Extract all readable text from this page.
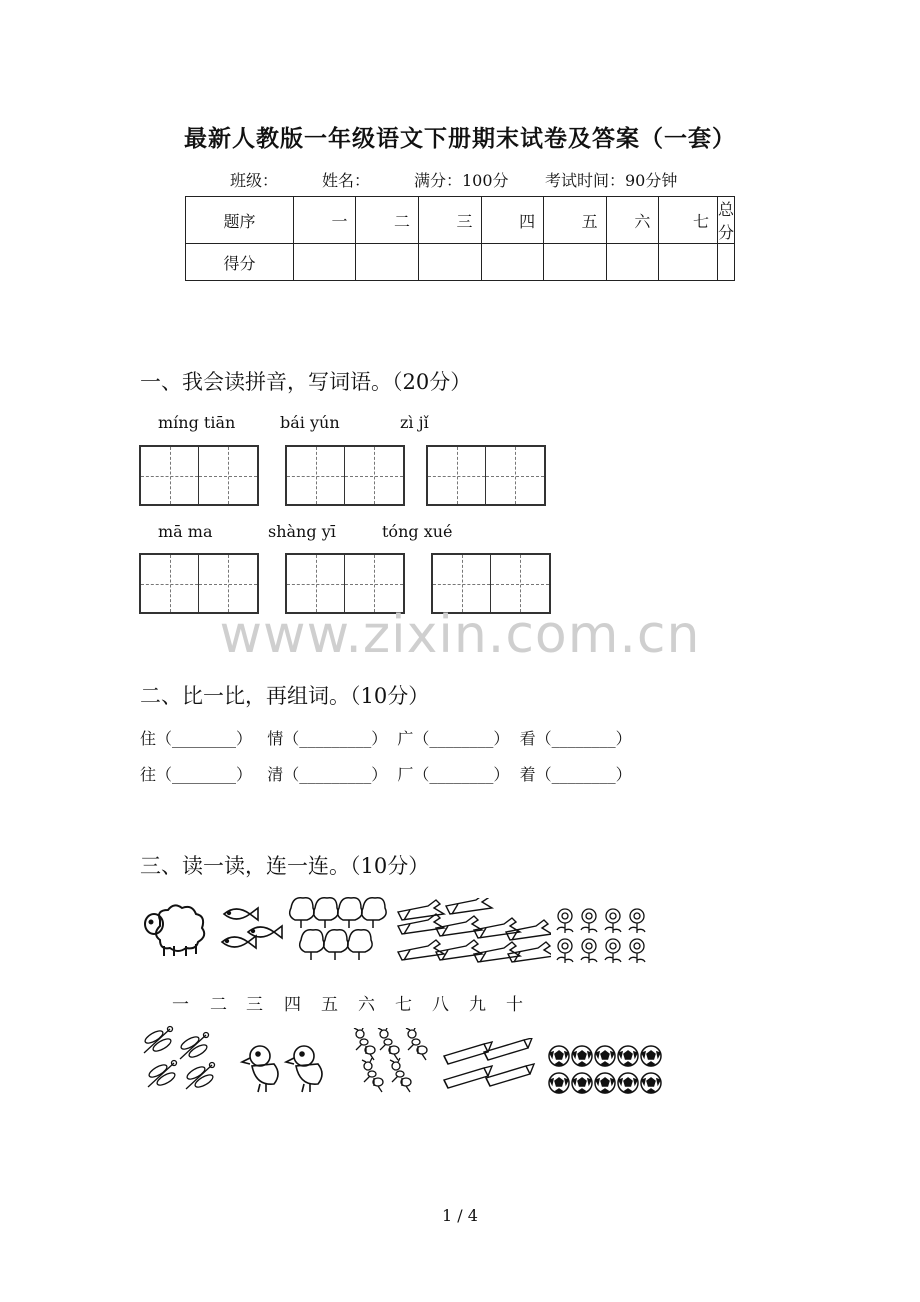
最新人教版一年级语文下册期末试卷及答案（一套）
班级：	姓名：	满分：100分 考试时间：90分钟
题序	一	二	三	四	五	六	七	总分
得分								
一、我会读拼音，写词语。（20分）
míng tiān	bái yún	zì jǐ
mā ma	shàng yī	tóng xué
www.zixin.com.cn
二、比一比，再组词。（10分）
住（________）   情（_________）  广（________）  看（________）
往（________）   清（_________）  厂（________）  着（________）
三、读一读，连一连。（10分）
一 二 三 四 五 六 七 八 九 十
1 / 4
